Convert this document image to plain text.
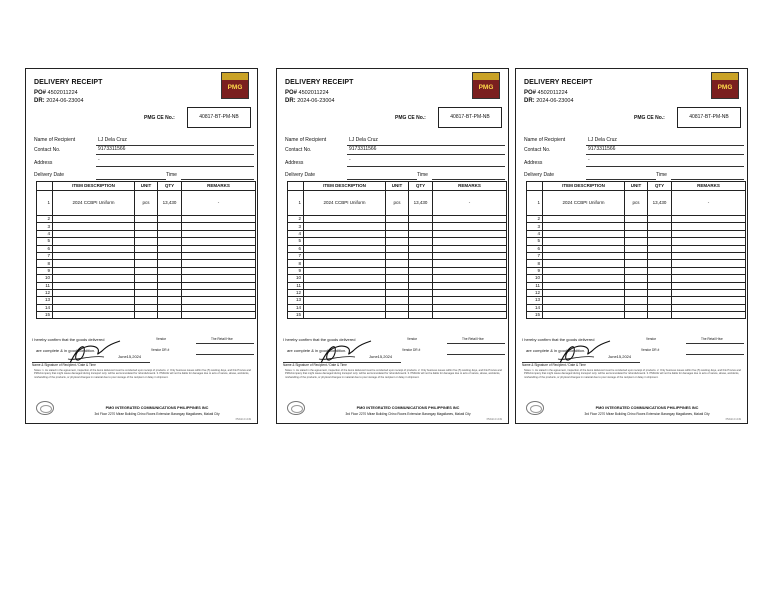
DELIVERY RECEIPT
PO# 4502011224
DR: 2024-06-23004
PMG
PMG CE No.:	40817-BT-PM-NB
Name of Recipient	LJ Dela Cruz
Contact No.	9173311566
Address	-
Delivery Date	Time
	ITEM DESCRIPTION	UNIT	QTY	REMARKS
1	2024 CCBPI Uniform	pcs	13,430	-
2				
3				
4				
5				
6				
7				
8				
9				
10				
11				
12				
13				
14				
15				
I hereby confirm that the goods delivered
are complete & in good condition.
June15,2024
Name & Signature of Recipient / Date & Time
Vendor	The Retail Hive
Vendor DR #
Notes: 1. As stated in the agreement, inspection of the items delivered must be conducted upon receipt of products. 2. Only business issues within five (5) working days, and this Pmcws and PMGCompany that might cause damaged during transport only. will be accommodated for refunds/rework. 3. PMGCE will not be liable for damages due to acts of nature, abuse, accidents, mishandling of the products, or physical changes in material due to poor storage of the recipient or delay in shipment.
PMG INTEGRATED COMMUNICATIONS PHILIPPINES INC
3rd Floor 2270 Mirae Building Chino Roces Extension Barangay Magallanes, Makati City
PMGD-F-049
DELIVERY RECEIPT
PO# 4502011224
DR: 2024-06-23004
PMG
PMG CE No.:	40817-BT-PM-NB
Name of Recipient	LJ Dela Cruz
Contact No.	9173311566
Address	-
Delivery Date	Time
	ITEM DESCRIPTION	UNIT	QTY	REMARKS
1	2024 CCBPI Uniform	pcs	13,430	-
2				
3				
4				
5				
6				
7				
8				
9				
10				
11				
12				
13				
14				
15				
I hereby confirm that the goods delivered
are complete & in good condition.
June15,2024
Name & Signature of Recipient / Date & Time
Vendor	The Retail Hive
Vendor DR #
Notes: 1. As stated in the agreement, inspection of the items delivered must be conducted upon receipt of products. 2. Only business issues within five (5) working days, and this Pmcws and PMGCompany that might cause damaged during transport only. will be accommodated for refunds/rework. 3. PMGCE will not be liable for damages due to acts of nature, abuse, accidents, mishandling of the products, or physical changes in material due to poor storage of the recipient or delay in shipment.
PMG INTEGRATED COMMUNICATIONS PHILIPPINES INC
3rd Floor 2270 Mirae Building Chino Roces Extension Barangay Magallanes, Makati City
PMGD-F-049
DELIVERY RECEIPT
PO# 4502011224
DR: 2024-06-23004
PMG
PMG CE No.:	40817-BT-PM-NB
Name of Recipient	LJ Dela Cruz
Contact No.	9173311566
Address	-
Delivery Date	Time
	ITEM DESCRIPTION	UNIT	QTY	REMARKS
1	2024 CCBPI Uniform	pcs	13,430	-
2				
3				
4				
5				
6				
7				
8				
9				
10				
11				
12				
13				
14				
15				
I hereby confirm that the goods delivered
are complete & in good condition.
June15,2024
Name & Signature of Recipient / Date & Time
Vendor	The Retail Hive
Vendor DR #
Notes: 1. As stated in the agreement, inspection of the items delivered must be conducted upon receipt of products. 2. Only business issues within five (5) working days, and this Pmcws and PMGCompany that might cause damaged during transport only. will be accommodated for refunds/rework. 3. PMGCE will not be liable for damages due to acts of nature, abuse, accidents, mishandling of the products, or physical changes in material due to poor storage of the recipient or delay in shipment.
PMG INTEGRATED COMMUNICATIONS PHILIPPINES INC
3rd Floor 2270 Mirae Building Chino Roces Extension Barangay Magallanes, Makati City
PMGD-F-049
